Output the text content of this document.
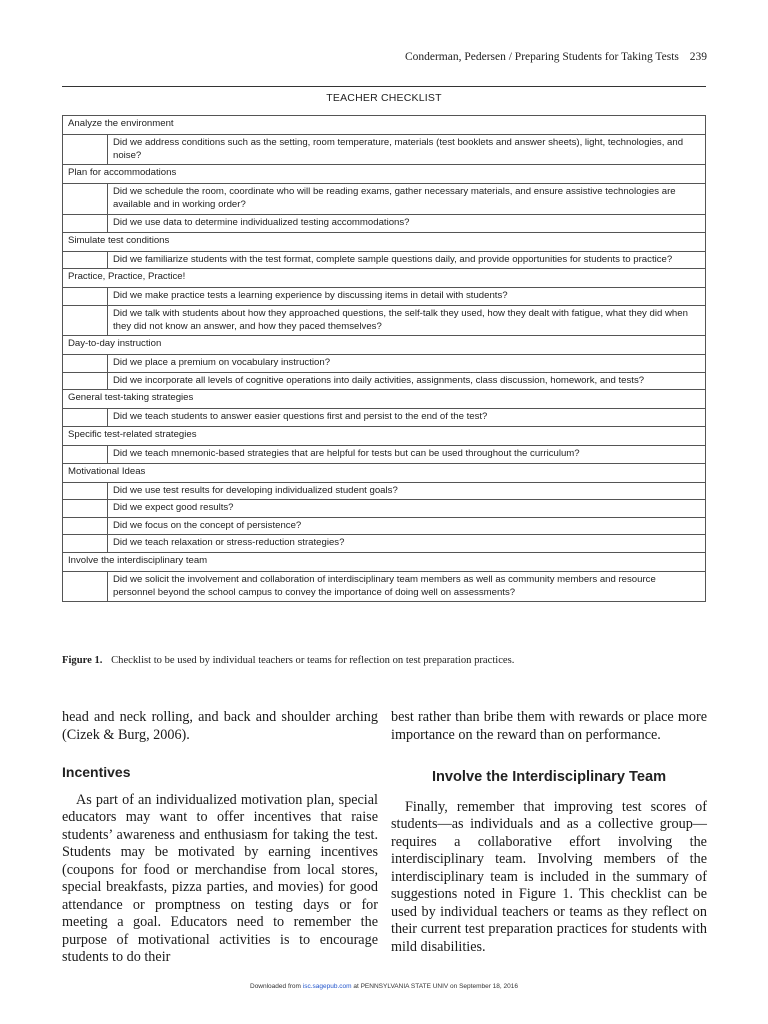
Conderman, Pedersen / Preparing Students for Taking Tests 239
TEACHER CHECKLIST
Analyze the environment	
	Did we address conditions such as the setting, room temperature, materials (test booklets and answer sheets), light, technologies, and noise?
Plan for accommodations	
	Did we schedule the room, coordinate who will be reading exams, gather necessary materials, and ensure assistive technologies are available and in working order?
	Did we use data to determine individualized testing accommodations?
Simulate test conditions	
	Did we familiarize students with the test format, complete sample questions daily, and provide opportunities for students to practice?
Practice, Practice, Practice!	
	Did we make practice tests a learning experience by discussing items in detail with students?
	Did we talk with students about how they approached questions, the self-talk they used, how they dealt with fatigue, what they did when they did not know an answer, and how they paced themselves?
Day-to-day instruction	
	Did we place a premium on vocabulary instruction?
	Did we incorporate all levels of cognitive operations into daily activities, assignments, class discussion, homework, and tests?
General test-taking strategies	
	Did we teach students to answer easier questions first and persist to the end of the test?
Specific test-related strategies	
	Did we teach mnemonic-based strategies that are helpful for tests but can be used throughout the curriculum?
Motivational Ideas	
	Did we use test results for developing individualized student goals?
	Did we expect good results?
	Did we focus on the concept of persistence?
	Did we teach relaxation or stress-reduction strategies?
Involve the interdisciplinary team	
	Did we solicit the involvement and collaboration of interdisciplinary team members as well as community members and resource personnel beyond the school campus to convey the importance of doing well on assessments?
Figure 1. Checklist to be used by individual teachers or teams for reflection on test preparation practices.

head and neck rolling, and back and shoulder arching (Cizek & Burg, 2006).

Incentives

As part of an individualized motivation plan, special educators may want to offer incentives that raise students’ awareness and enthusiasm for taking the test. Students may be motivated by earning incentives (coupons for food or merchandise from local stores, special breakfasts, pizza parties, and movies) for good attendance or promptness on testing days or for meeting a goal. Educators need to remember the purpose of motivational activities is to encourage students to do their

best rather than bribe them with rewards or place more importance on the reward than on performance.

Involve the Interdisciplinary Team

Finally, remember that improving test scores of students—as individuals and as a collective group—requires a collaborative effort involving the interdisciplinary team. Involving members of the interdisciplinary team is included in the summary of suggestions noted in Figure 1. This checklist can be used by individual teachers or teams as they reflect on their current test preparation practices for students with mild disabilities.

Downloaded from isc.sagepub.com at PENNSYLVANIA STATE UNIV on September 18, 2016
